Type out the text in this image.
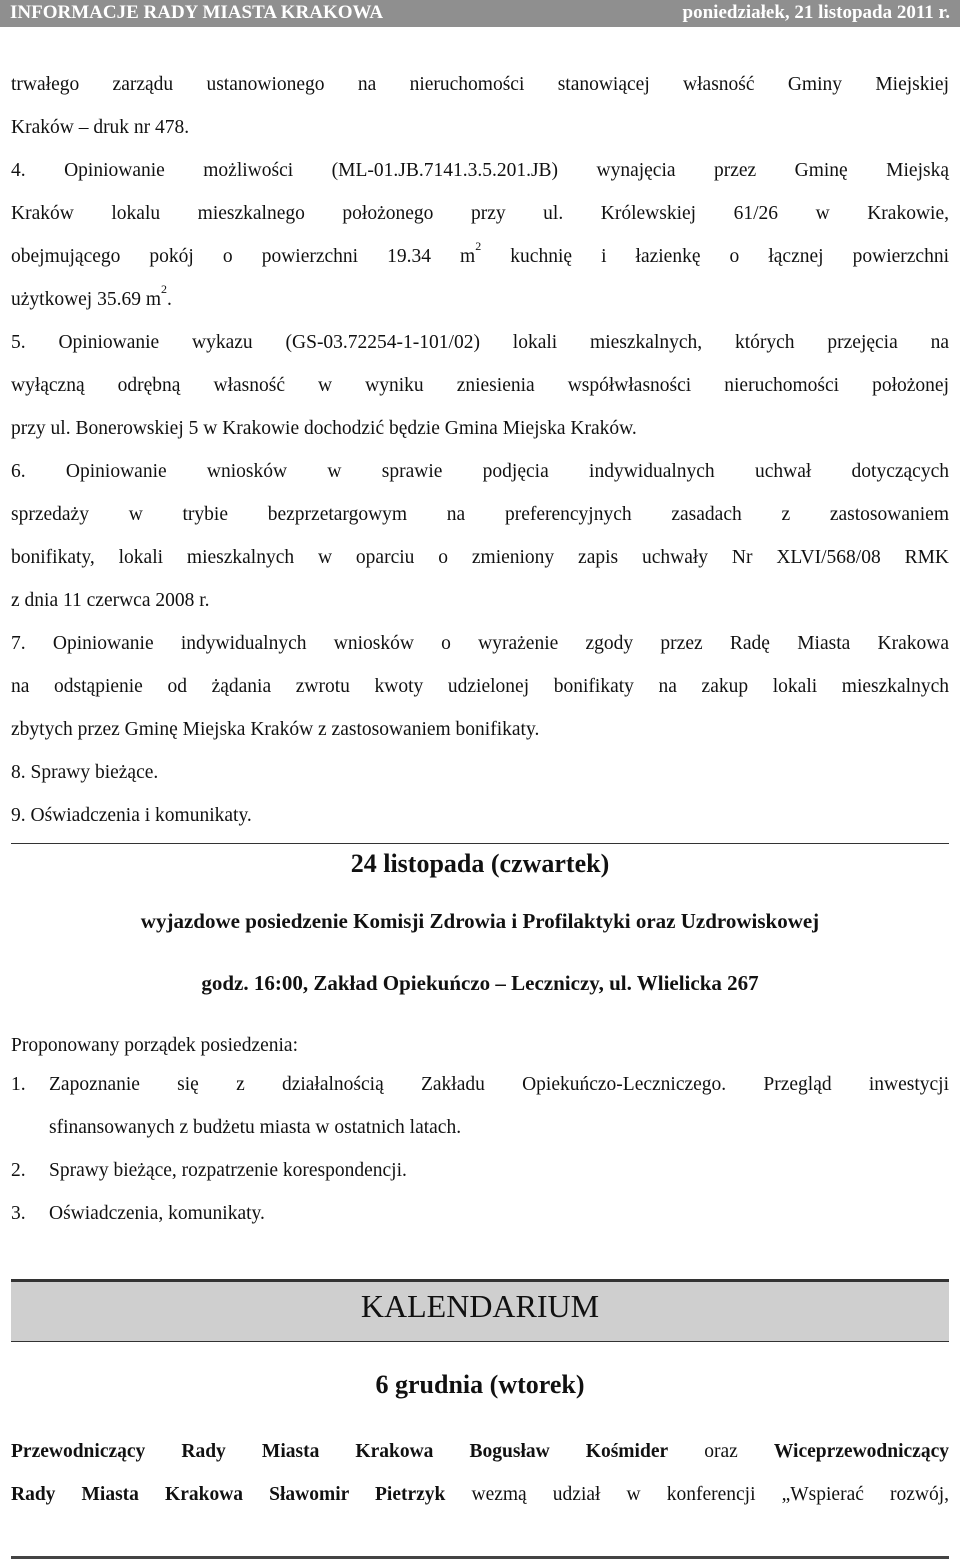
INFORMACJE RADY MIASTA KRAKOWA	poniedziałek, 21 listopada 2011 r.
trwałego zarządu ustanowionego na nieruchomości stanowiącej własność Gminy Miejskiej
Kraków – druk nr 478.
4. Opiniowanie możliwości (ML-01.JB.7141.3.5.201.JB) wynajęcia przez Gminę Miejską
Kraków lokalu mieszkalnego położonego przy ul. Królewskiej 61/26 w Krakowie,
obejmującego pokój o powierzchni 19.34 $m^2$ kuchnię i łazienkę o łącznej powierzchni
użytkowej 35.69 $m^2$.
5. Opiniowanie wykazu (GS-03.72254-1-101/02) lokali mieszkalnych, których przejęcia na
wyłączną odrębną własność w wyniku zniesienia współwłasności nieruchomości położonej
przy ul. Bonerowskiej 5 w Krakowie dochodzić będzie Gmina Miejska Kraków.
6. Opiniowanie wniosków w sprawie podjęcia indywidualnych uchwał dotyczących
sprzedaży w trybie bezprzetargowym na preferencyjnych zasadach z zastosowaniem
bonifikaty, lokali mieszkalnych w oparciu o zmieniony zapis uchwały Nr XLVI/568/08 RMK
z dnia 11 czerwca 2008 r.
7. Opiniowanie indywidualnych wniosków o wyrażenie zgody przez Radę Miasta Krakowa
na odstąpienie od żądania zwrotu kwoty udzielonej bonifikaty na zakup lokali mieszkalnych
zbytych przez Gminę Miejska Kraków z zastosowaniem bonifikaty.
8. Sprawy bieżące.
9. Oświadczenia i komunikaty.
24 listopada (czwartek)
wyjazdowe posiedzenie Komisji Zdrowia i Profilaktyki oraz Uzdrowiskowej
godz. 16:00, Zakład Opiekuńczo – Leczniczy, ul. Wlielicka 267
Proponowany porządek posiedzenia:
1. Zapoznanie się z działalnością Zakładu Opiekuńczo-Leczniczego. Przegląd inwestycji
sfinansowanych z budżetu miasta w ostatnich latach.
2. Sprawy bieżące, rozpatrzenie korespondencji.
3. Oświadczenia, komunikaty.
KALENDARIUM
6 grudnia (wtorek)
Przewodniczący Rady Miasta Krakowa Bogusław Kośmider oraz Wiceprzewodniczący
Rady Miasta Krakowa Sławomir Pietrzyk wezmą udział w konferencji „Wspierać rozwój,
